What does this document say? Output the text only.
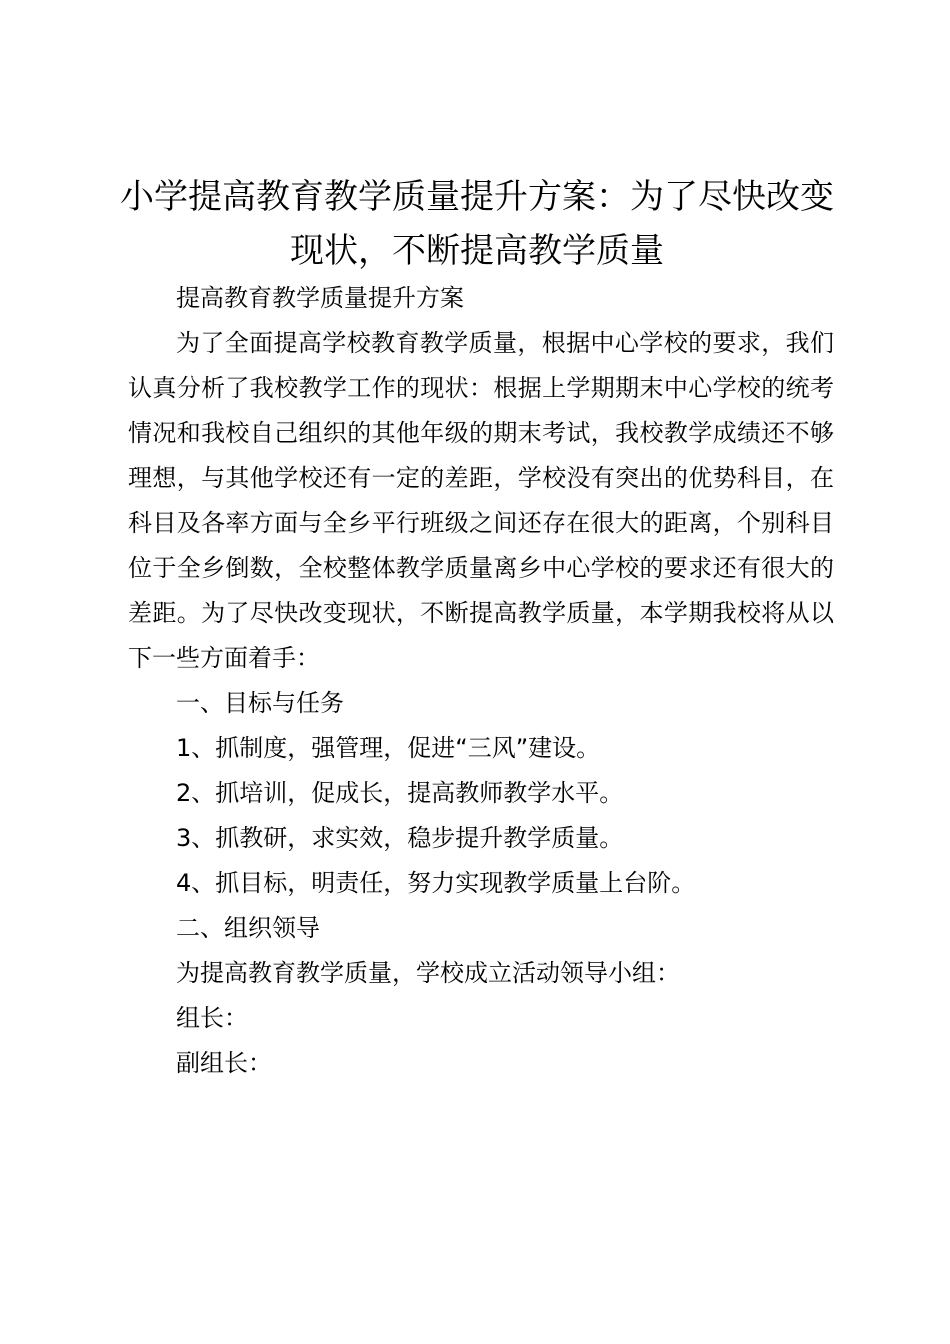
小学提高教育教学质量提升方案：为了尽快改变现状，不断提高教学质量

提高教育教学质量提升方案

为了全面提高学校教育教学质量，根据中心学校的要求，我们认真分析了我校教学工作的现状：根据上学期期末中心学校的统考情况和我校自己组织的其他年级的期末考试，我校教学成绩还不够理想，与其他学校还有一定的差距，学校没有突出的优势科目，在科目及各率方面与全乡平行班级之间还存在很大的距离，个别科目位于全乡倒数，全校整体教学质量离乡中心学校的要求还有很大的差距。为了尽快改变现状，不断提高教学质量，本学期我校将从以下一些方面着手：

一、目标与任务

1、抓制度，强管理，促进“三风”建设。

2、抓培训，促成长，提高教师教学水平。

3、抓教研，求实效，稳步提升教学质量。

4、抓目标，明责任，努力实现教学质量上台阶。

二、组织领导

为提高教育教学质量，学校成立活动领导小组：

组长：

副组长：
